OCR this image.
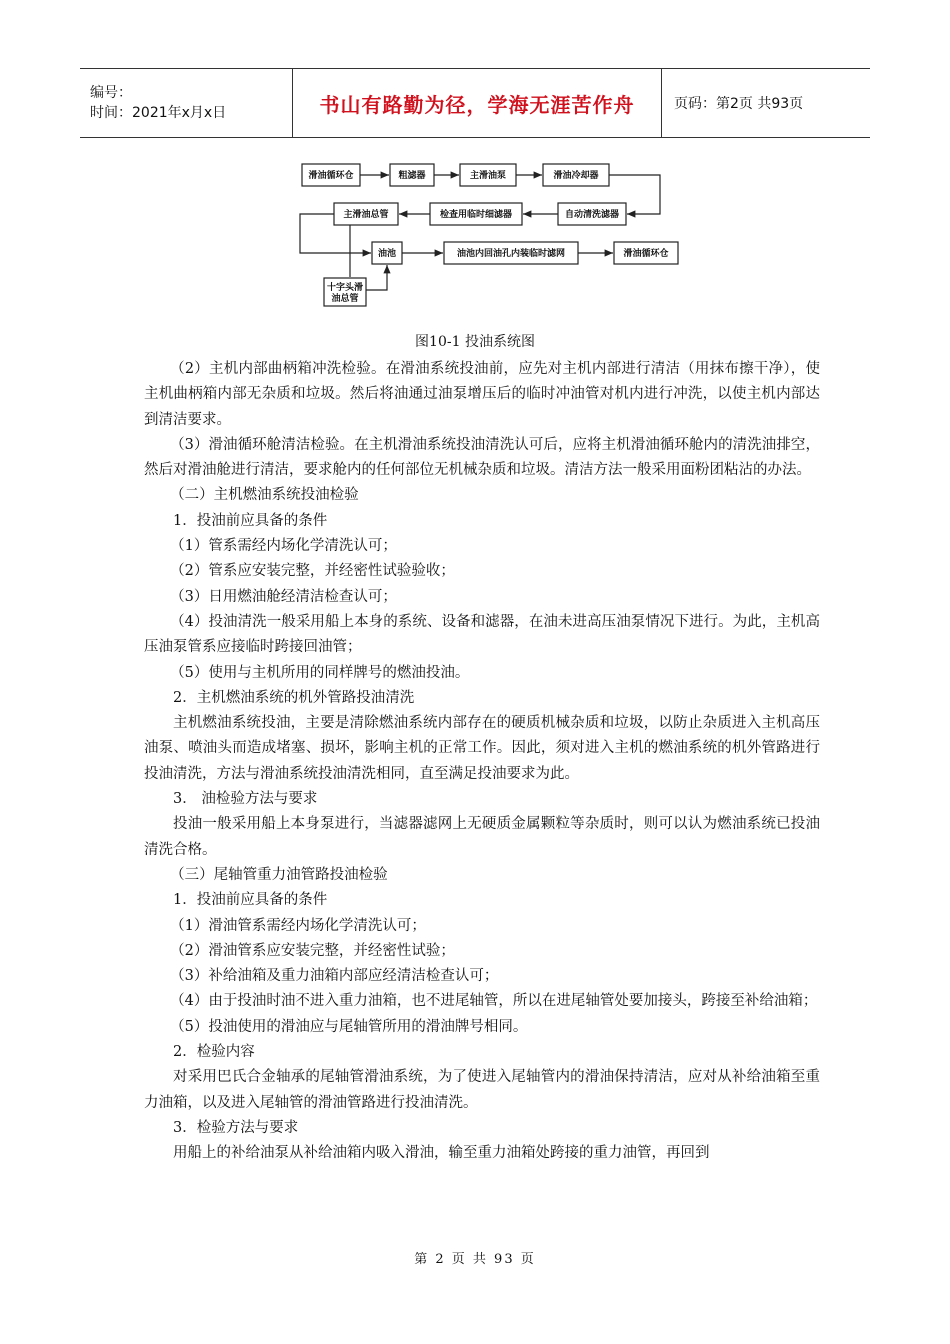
编号：
时间：2021年x月x日	书山有路勤为径，学海无涯苦作舟	页码：第2页 共93页
滑油循环仓	粗滤器	主滑油泵	滑油冷却器
自动清洗滤器
检查用临时细滤器
主滑油总管
油池	油池内回油孔内装临时滤网	滑油循环仓
十字头滑
油总管
图10-1 投油系统图

（2）主机内部曲柄箱冲洗检验。在滑油系统投油前，应先对主机内部进行清洁（用抹布擦干净），使主机曲柄箱内部无杂质和垃圾。然后将油通过油泵增压后的临时冲油管对机内进行冲洗，以使主机内部达到清洁要求。

（3）滑油循环舱清洁检验。在主机滑油系统投油清洗认可后，应将主机滑油循环舱内的清洗油排空，然后对滑油舱进行清洁，要求舱内的任何部位无机械杂质和垃圾。清洁方法一般采用面粉团粘沾的办法。

（二）主机燃油系统投油检验

1．投油前应具备的条件

（1）管系需经内场化学清洗认可；

（2）管系应安装完整，并经密性试验验收；

（3）日用燃油舱经清洁检查认可；

（4）投油清洗一般采用船上本身的系统、设备和滤器，在油未进高压油泵情况下进行。为此，主机高压油泵管系应接临时跨接回油管；

（5）使用与主机所用的同样牌号的燃油投油。

2．主机燃油系统的机外管路投油清洗

主机燃油系统投油，主要是清除燃油系统内部存在的硬质机械杂质和垃圾，以防止杂质进入主机高压油泵、喷油头而造成堵塞、损坏，影响主机的正常工作。因此，须对进入主机的燃油系统的机外管路进行投油清洗，方法与滑油系统投油清洗相同，直至满足投油要求为此。

3． 油检验方法与要求

投油一般采用船上本身泵进行，当滤器滤网上无硬质金属颗粒等杂质时，则可以认为燃油系统已投油清洗合格。

（三）尾轴管重力油管路投油检验

1．投油前应具备的条件

（1）滑油管系需经内场化学清洗认可；

（2）滑油管系应安装完整，并经密性试验；

（3）补给油箱及重力油箱内部应经清洁检查认可；

（4）由于投油时油不进入重力油箱，也不进尾轴管，所以在进尾轴管处要加接头，跨接至补给油箱；

（5）投油使用的滑油应与尾轴管所用的滑油牌号相同。

2．检验内容

对采用巴氏合金轴承的尾轴管滑油系统，为了使进入尾轴管内的滑油保持清洁，应对从补给油箱至重力油箱，以及进入尾轴管的滑油管路进行投油清洗。

3．检验方法与要求

用船上的补给油泵从补给油箱内吸入滑油，输至重力油箱处跨接的重力油管，再回到

第 2 页 共 93 页
